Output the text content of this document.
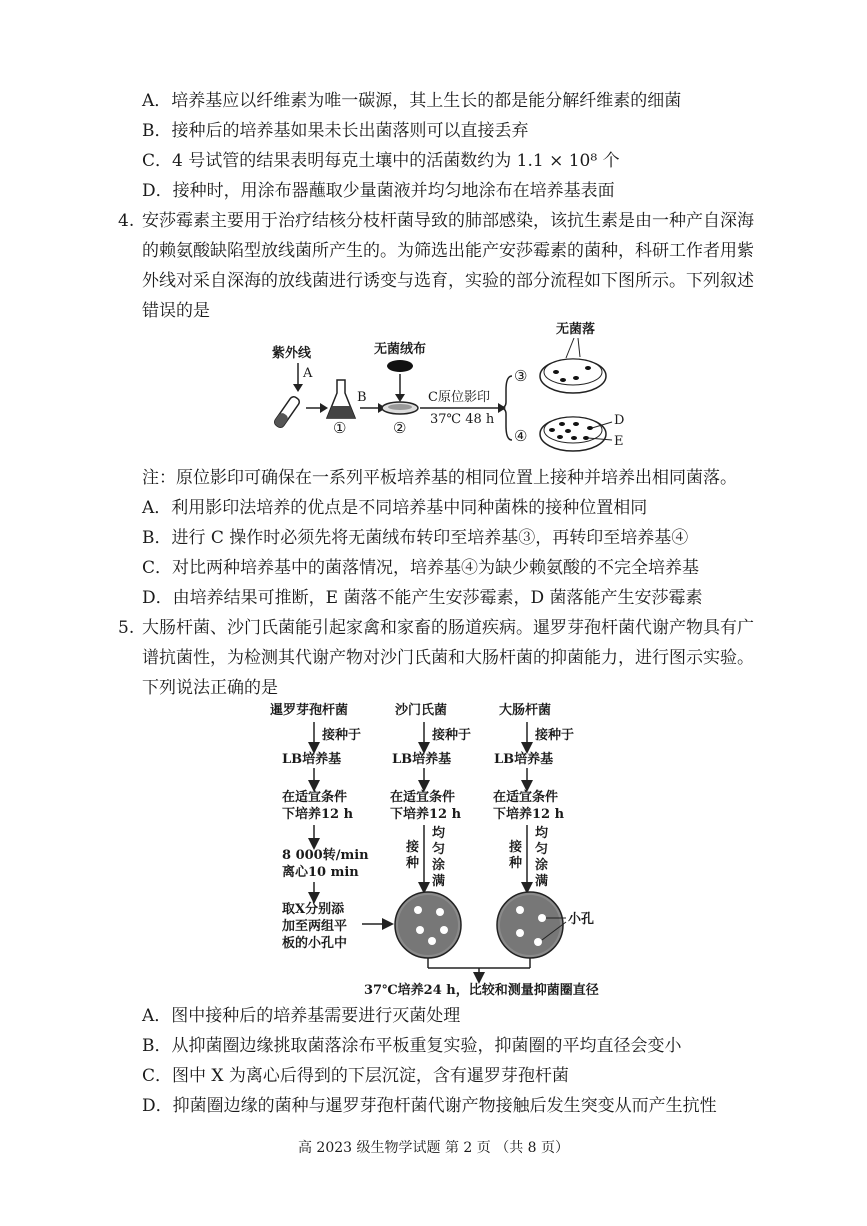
A．培养基应以纤维素为唯一碳源，其上生长的都是能分解纤维素的细菌
B．接种后的培养基如果未长出菌落则可以直接丢弃
C．4 号试管的结果表明每克土壤中的活菌数约为 1.1 × 10⁸ 个
D．接种时，用涂布器蘸取少量菌液并均匀地涂布在培养基表面
4. 安莎霉素主要用于治疗结核分枝杆菌导致的肺部感染，该抗生素是由一种产自深海
的赖氨酸缺陷型放线菌所产生的。为筛选出能产安莎霉素的菌种，科研工作者用紫
外线对采自深海的放线菌进行诱变与选育，实验的部分流程如下图所示。下列叙述
错误的是
紫外线
A
B
无菌绒布
C原位影印
37℃ 48 h
①	②
③
④
无菌落
D
E
注：原位影印可确保在一系列平板培养基的相同位置上接种并培养出相同菌落。
A．利用影印法培养的优点是不同培养基中同种菌株的接种位置相同
B．进行 C 操作时必须先将无菌绒布转印至培养基③，再转印至培养基④
C．对比两种培养基中的菌落情况，培养基④为缺少赖氨酸的不完全培养基
D．由培养结果可推断，E 菌落不能产生安莎霉素，D 菌落能产生安莎霉素
5. 大肠杆菌、沙门氏菌能引起家禽和家畜的肠道疾病。暹罗芽孢杆菌代谢产物具有广
谱抗菌性，为检测其代谢产物对沙门氏菌和大肠杆菌的抑菌能力，进行图示实验。
下列说法正确的是
暹罗芽孢杆菌	沙门氏菌	大肠杆菌
接种于	接种于	接种于
LB培养基	LB培养基	LB培养基
在适宜条件
下培养12 h
在适宜条件
下培养12 h
在适宜条件
下培养12 h
8 000转/min
离心10 min
取X分别添
加至两组平
板的小孔中
接种
均匀涂满
接种
均匀涂满
小孔
37℃培养24 h，比较和测量抑菌圈直径
A．图中接种后的培养基需要进行灭菌处理
B．从抑菌圈边缘挑取菌落涂布平板重复实验，抑菌圈的平均直径会变小
C．图中 X 为离心后得到的下层沉淀，含有暹罗芽孢杆菌
D．抑菌圈边缘的菌种与暹罗芽孢杆菌代谢产物接触后发生突变从而产生抗性
高 2023 级生物学试题 第 2 页 （共 8 页）
